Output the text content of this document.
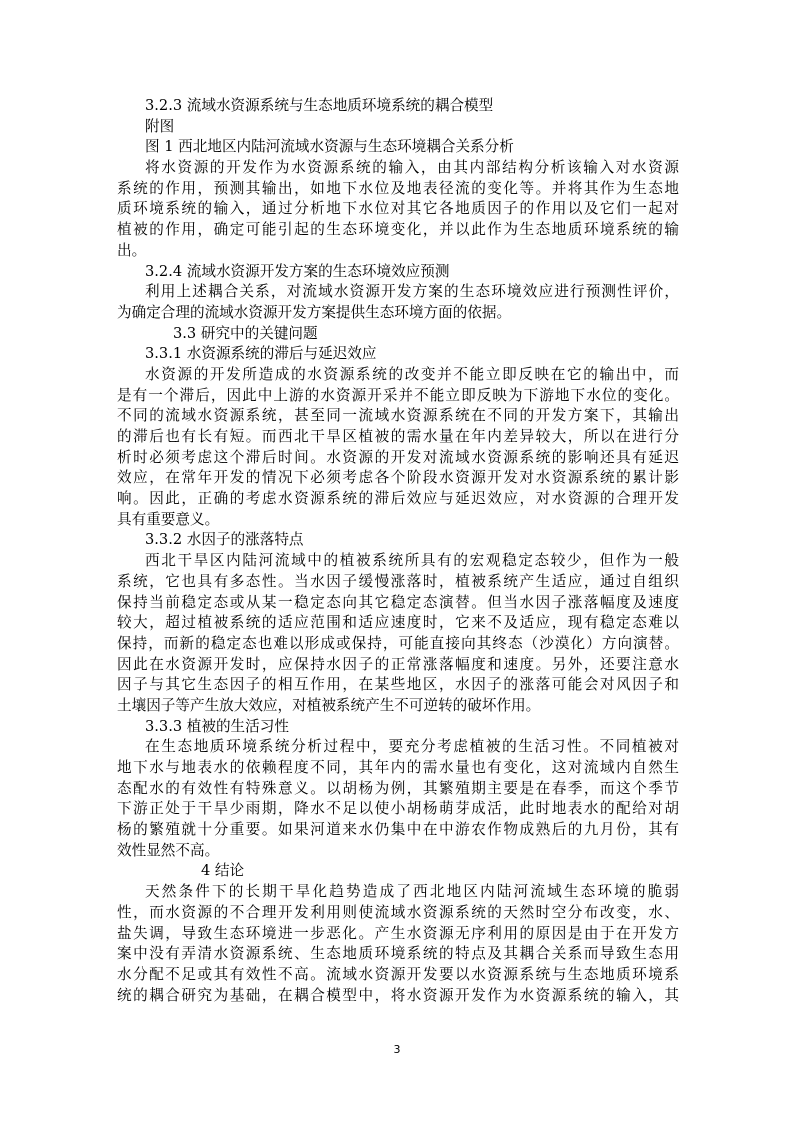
3.2.3 流域水资源系统与生态地质环境系统的耦合模型
附图
图 1 西北地区内陆河流域水资源与生态环境耦合关系分析
将水资源的开发作为水资源系统的输入，由其内部结构分析该输入对水资源
系统的作用，预测其输出，如地下水位及地表径流的变化等。并将其作为生态地
质环境系统的输入，通过分析地下水位对其它各地质因子的作用以及它们一起对
植被的作用，确定可能引起的生态环境变化，并以此作为生态地质环境系统的输
出。
3.2.4 流域水资源开发方案的生态环境效应预测
利用上述耦合关系，对流域水资源开发方案的生态环境效应进行预测性评价，
为确定合理的流域水资源开发方案提供生态环境方面的依据。
3.3 研究中的关键问题
3.3.1 水资源系统的滞后与延迟效应
水资源的开发所造成的水资源系统的改变并不能立即反映在它的输出中，而
是有一个滞后，因此中上游的水资源开采并不能立即反映为下游地下水位的变化。
不同的流域水资源系统，甚至同一流域水资源系统在不同的开发方案下，其输出
的滞后也有长有短。而西北干旱区植被的需水量在年内差异较大，所以在进行分
析时必须考虑这个滞后时间。水资源的开发对流域水资源系统的影响还具有延迟
效应，在常年开发的情况下必须考虑各个阶段水资源开发对水资源系统的累计影
响。因此，正确的考虑水资源系统的滞后效应与延迟效应，对水资源的合理开发
具有重要意义。
3.3.2 水因子的涨落特点
西北干旱区内陆河流域中的植被系统所具有的宏观稳定态较少，但作为一般
系统，它也具有多态性。当水因子缓慢涨落时，植被系统产生适应，通过自组织
保持当前稳定态或从某一稳定态向其它稳定态演替。但当水因子涨落幅度及速度
较大，超过植被系统的适应范围和适应速度时，它来不及适应，现有稳定态难以
保持，而新的稳定态也难以形成或保持，可能直接向其终态（沙漠化）方向演替。
因此在水资源开发时，应保持水因子的正常涨落幅度和速度。另外，还要注意水
因子与其它生态因子的相互作用，在某些地区，水因子的涨落可能会对风因子和
土壤因子等产生放大效应，对植被系统产生不可逆转的破坏作用。
3.3.3 植被的生活习性
在生态地质环境系统分析过程中，要充分考虑植被的生活习性。不同植被对
地下水与地表水的依赖程度不同，其年内的需水量也有变化，这对流域内自然生
态配水的有效性有特殊意义。以胡杨为例，其繁殖期主要是在春季，而这个季节
下游正处于干旱少雨期，降水不足以使小胡杨萌芽成活，此时地表水的配给对胡
杨的繁殖就十分重要。如果河道来水仍集中在中游农作物成熟后的九月份，其有
效性显然不高。
4 结论
天然条件下的长期干旱化趋势造成了西北地区内陆河流域生态环境的脆弱
性，而水资源的不合理开发利用则使流域水资源系统的天然时空分布改变，水、
盐失调，导致生态环境进一步恶化。产生水资源无序利用的原因是由于在开发方
案中没有弄清水资源系统、生态地质环境系统的特点及其耦合关系而导致生态用
水分配不足或其有效性不高。流域水资源开发要以水资源系统与生态地质环境系
统的耦合研究为基础，在耦合模型中，将水资源开发作为水资源系统的输入，其
3
